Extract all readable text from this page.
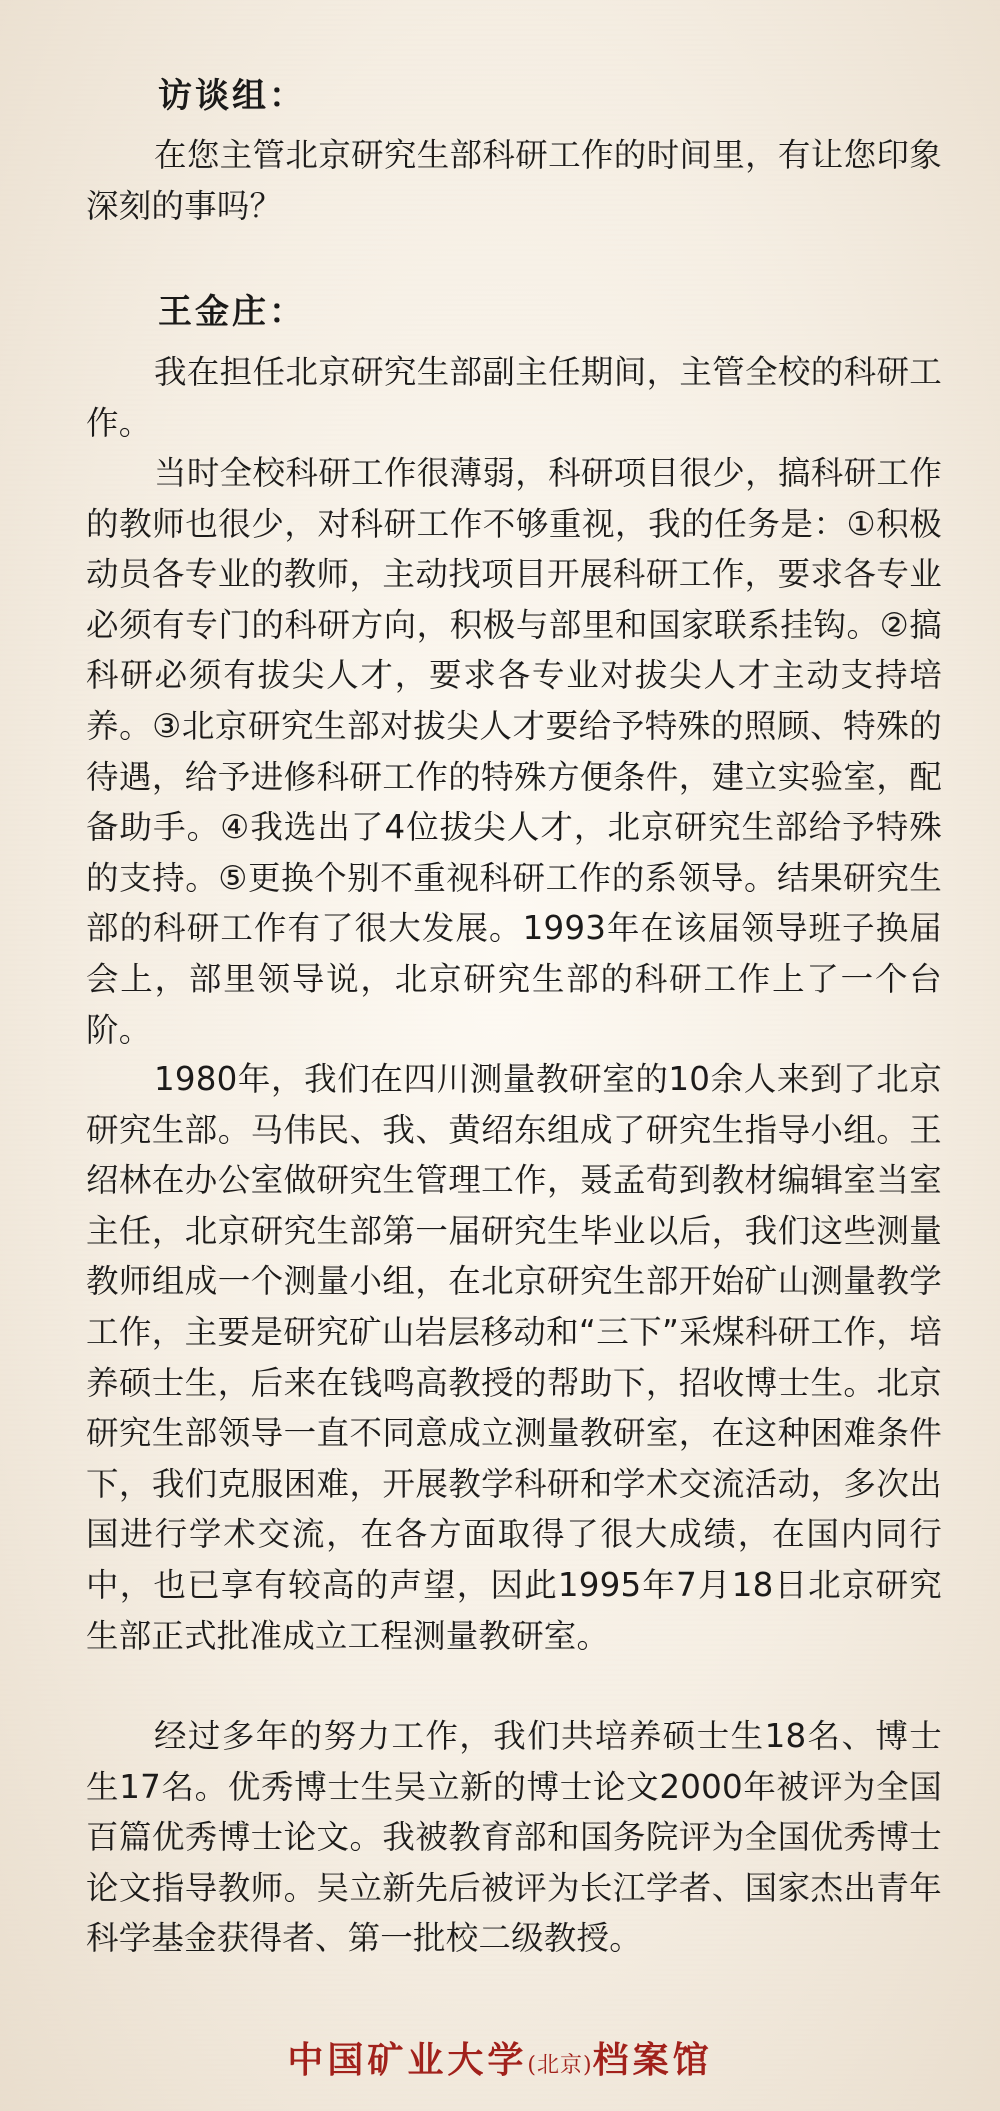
访谈组：

在您主管北京研究生部科研工作的时间里，有让您印象深刻的事吗？

王金庄：

我在担任北京研究生部副主任期间，主管全校的科研工作。

当时全校科研工作很薄弱，科研项目很少，搞科研工作的教师也很少，对科研工作不够重视，我的任务是：①积极动员各专业的教师，主动找项目开展科研工作，要求各专业必须有专门的科研方向，积极与部里和国家联系挂钩。②搞科研必须有拔尖人才，要求各专业对拔尖人才主动支持培养。③北京研究生部对拔尖人才要给予特殊的照顾、特殊的待遇，给予进修科研工作的特殊方便条件，建立实验室，配备助手。④我选出了4位拔尖人才，北京研究生部给予特殊的支持。⑤更换个别不重视科研工作的系领导。结果研究生部的科研工作有了很大发展。1993年在该届领导班子换届会上，部里领导说，北京研究生部的科研工作上了一个台阶。

1980年，我们在四川测量教研室的10余人来到了北京研究生部。马伟民、我、黄绍东组成了研究生指导小组。王绍林在办公室做研究生管理工作，聂孟荀到教材编辑室当室主任，北京研究生部第一届研究生毕业以后，我们这些测量教师组成一个测量小组，在北京研究生部开始矿山测量教学工作，主要是研究矿山岩层移动和“三下”采煤科研工作，培养硕士生，后来在钱鸣高教授的帮助下，招收博士生。北京研究生部领导一直不同意成立测量教研室，在这种困难条件下，我们克服困难，开展教学科研和学术交流活动，多次出国进行学术交流，在各方面取得了很大成绩，在国内同行中，也已享有较高的声望，因此1995年7月18日北京研究生部正式批准成立工程测量教研室。

经过多年的努力工作，我们共培养硕士生18名、博士生17名。优秀博士生吴立新的博士论文2000年被评为全国百篇优秀博士论文。我被教育部和国务院评为全国优秀博士论文指导教师。吴立新先后被评为长江学者、国家杰出青年科学基金获得者、第一批校二级教授。

中国矿业大学(北京)档案馆
